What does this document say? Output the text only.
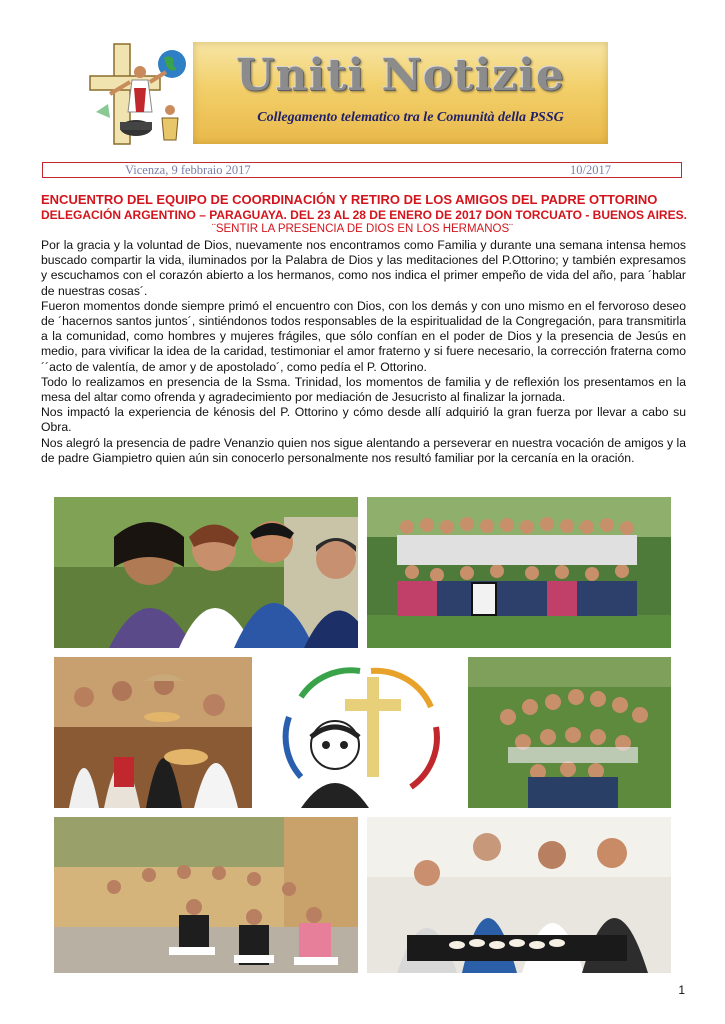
Uniti Notizie
Collegamento telematico tra le Comunità della PSSG
Vicenza, 9 febbraio 2017	10/2017
ENCUENTRO DEL EQUIPO DE COORDINACIÓN Y RETIRO DE LOS AMIGOS DEL PADRE OTTORINO
DELEGACIÓN ARGENTINO – PARAGUAYA. DEL 23 AL 28 DE ENERO DE 2017 DON TORCUATO - BUENOS AIRES.
¨SENTIR LA PRESENCIA DE DIOS EN LOS HERMANOS¨

Por la gracia y la voluntad de Dios, nuevamente nos encontramos como Familia y durante una semana intensa hemos buscado compartir la vida, iluminados por la Palabra de Dios y las meditaciones del P.Ottorino; y también expresamos y escuchamos con el corazón abierto a los hermanos, como nos indica el primer empeño de vida del año, para ´hablar de nuestras cosas´.

Fueron momentos donde siempre primó el encuentro con Dios, con los demás y con uno mismo en el fervoroso deseo de ´hacernos santos juntos´, sintiéndonos todos responsables de la espiritualidad de la Congregación, para transmitirla a la comunidad, como hombres y mujeres frágiles, que sólo confían en el poder de Dios y la presencia de Jesús en medio, para vivificar la idea de la caridad, testimoniar el amor fraterno y si fuere necesario, la corrección fraterna como ´´acto de valentía, de amor y de apostolado´, como pedía el P. Ottorino.

Todo lo realizamos en presencia de la Ssma. Trinidad, los momentos de familia y de reflexión los presentamos en la mesa del altar como ofrenda y agradecimiento por mediación de Jesucristo al finalizar la jornada.

Nos impactó la experiencia de kénosis del P. Ottorino y cómo desde allí adquirió la gran fuerza por llevar a cabo su Obra.

Nos alegró la presencia de padre Venanzio quien nos sigue alentando a perseverar en nuestra vocación de amigos y la de padre Giampietro quien aún sin conocerlo personalmente nos resultó familiar por la cercanía en la oración.

1
